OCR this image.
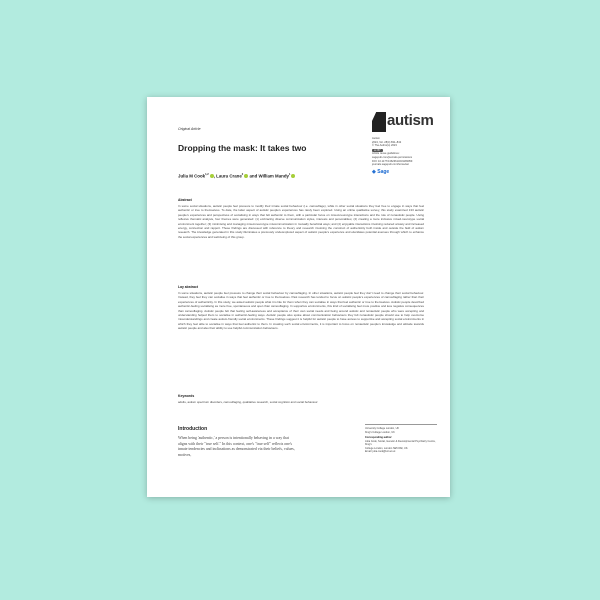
autism
Autism
2024, Vol. 28(4) 831–842
© The Author(s) 2023
cc BY
Article reuse guidelines:
sagepub.com/journals-permissions
DOI: 10.1177/13623613231183059
journals.sagepub.com/home/aut
◈ Sage
Original Article
Dropping the mask: It takes two
Julia M Cook$^{1,2}$ , Laura Crane$^2$ and William Mandy$^1$
Abstract

In some social situations, autistic people feel pressure to modify their innate social behaviour (i.e. camouflage), while in other social situations they feel free to engage in ways that feel authentic or true to themselves. To date, the latter aspect of autistic people's experiences has rarely been explored. Using an online qualitative survey, this study examined 133 autistic people's experiences and perspectives of socialising in ways that felt authentic to them, with a particular focus on mixed-neurotype interactions and the role of nonautistic people. Using reflexive thematic analysis, four themes were generated: (1) embracing diverse communication styles, interests and personalities; (2) creating a more inclusive mixed-neurotype social environment together; (3) minimising and managing mixed-neurotype miscommunication in mutually beneficial ways; and (4) enjoyable interactions involving reduced anxiety and increased energy, connection and rapport. These findings are discussed with reference to theory and research involving the construct of authenticity both inside and outside the field of autism research. The knowledge generated in this study illuminates a previously underexplored aspect of autistic people's experience and elucidates potential avenues through which to enhance the social experiences and well-being of this group.

Lay abstract

In some situations, autistic people feel pressure to change their social behaviour by camouflaging. In other situations, autistic people feel they don't need to change their social behaviour. Instead, they feel they can socialise in ways that feel authentic or true to themselves. Past research has tended to focus on autistic people's experiences of camouflaging rather than their experiences of authenticity. In this study, we asked autistic people what it is like for them when they can socialise in ways that feel authentic or true to themselves. Autistic people described authentic-feeling socialising as more free, spontaneous and open than camouflaging. In supportive environments, this kind of socialising feel more positive and less negative consequences than camouflaging. Autistic people felt that feeling self-awareness and acceptance of their own social needs and being around autistic and nonautistic people who were accepting and understanding helped them to socialise in authentic-feeling ways. Autistic people also spoke about communication behaviours they felt nonautistic people should use to help overcome misunderstandings and create autism-friendly social environments. These findings suggest it is helpful for autistic people to have access to supportive and accepting social environments in which they feel able to socialise in ways that feel authentic to them. In creating such social environments, it is important to focus on nonautistic people's knowledge and attitude towards autistic people and also their ability to use helpful communication behaviours.

Keywords

adults, autism spectrum disorders, camouflaging, qualitative research, social cognition and social behaviour

Introduction

When being 'authentic,' a person is intentionally behaving in a way that aligns with their "true self." In this context, one's "true self" reflects one's innate tendencies and inclinations as demonstrated via their beliefs, values, motives,

University College London, UK
King's College London, UK
Corresponding author:
Julia Cook, Social, Genetic & Developmental Psychiatry Centre, King's
College London, London SE5 8AF, UK.
Email: julia.cook@kcl.ac.uk
